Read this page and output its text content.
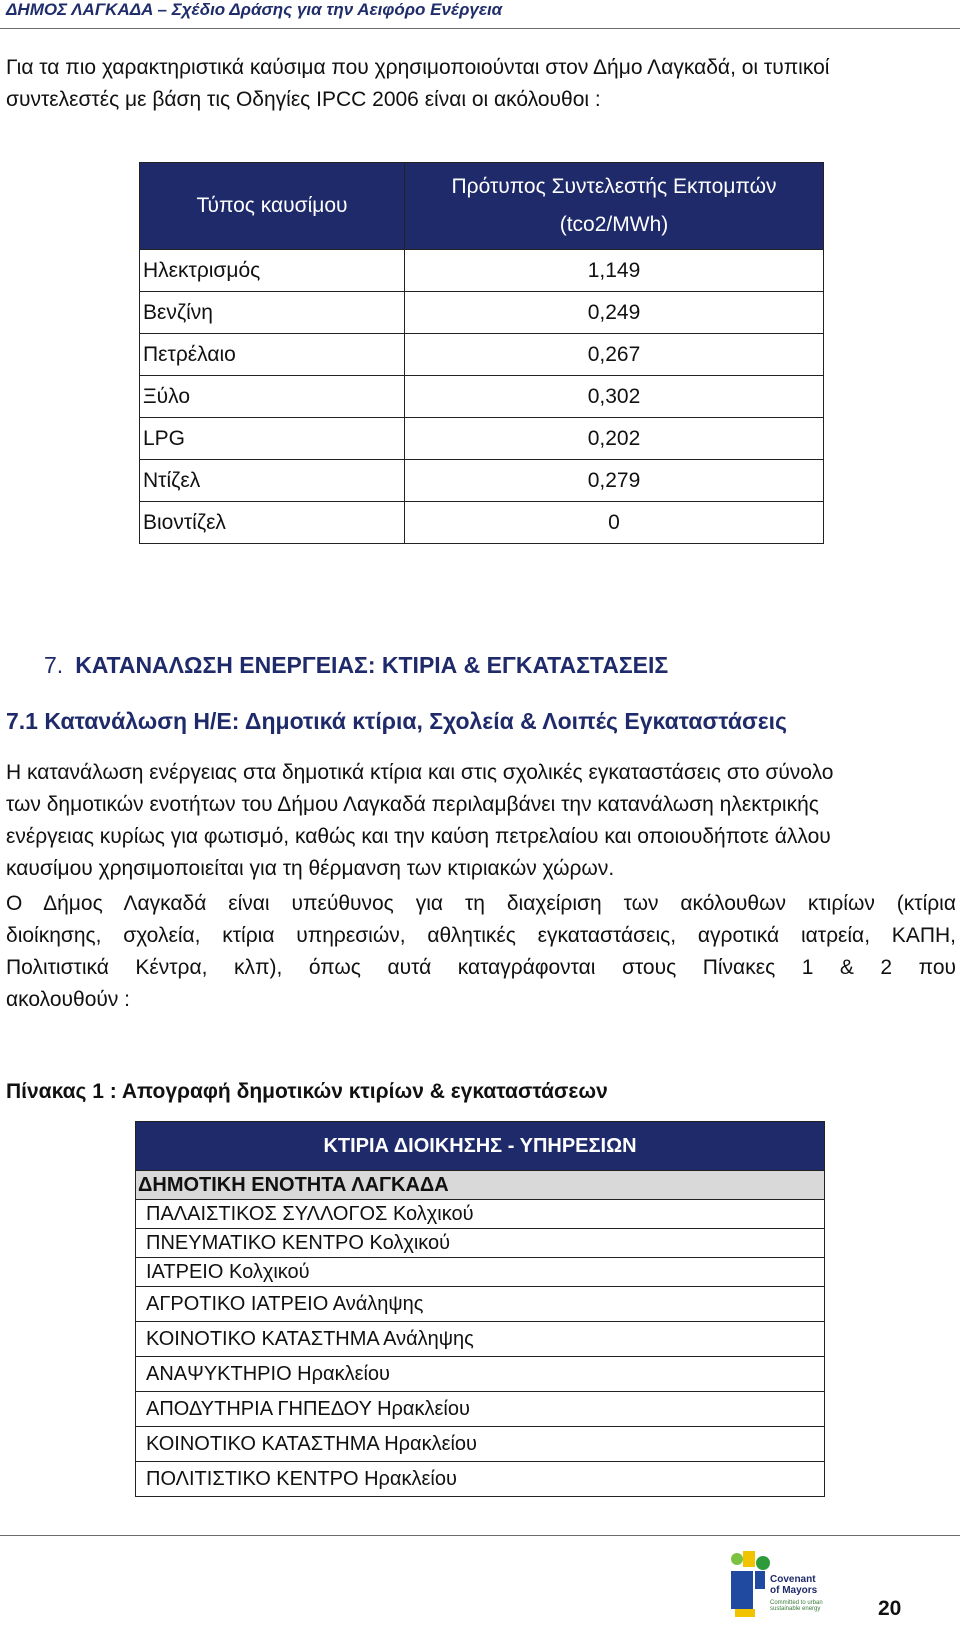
ΔΗΜΟΣ ΛΑΓΚΑΔΑ – Σχέδιο Δράσης για την Αειφόρο Ενέργεια
Για τα πιο χαρακτηριστικά καύσιμα που χρησιμοποιούνται στον Δήμο Λαγκαδά, οι τυπικοί
συντελεστές με βάση τις Οδηγίες IPCC 2006 είναι οι ακόλουθοι :
Τύπος καυσίμου	Πρότυπος Συντελεστής Εκπομπών
(tco2/MWh)

Ηλεκτρισμός	1,149
Βενζίνη	0,249
Πετρέλαιο	0,267
Ξύλο	0,302
LPG	0,202
Ντίζελ	0,279
Βιοντίζελ	0
7. ΚΑΤΑΝΑΛΩΣΗ ΕΝΕΡΓΕΙΑΣ: ΚΤΙΡΙΑ & ΕΓΚΑΤΑΣΤΑΣΕΙΣ
7.1 Κατανάλωση Η/Ε: Δημοτικά κτίρια, Σχολεία & Λοιπές Εγκαταστάσεις
Η κατανάλωση ενέργειας στα δημοτικά κτίρια και στις σχολικές εγκαταστάσεις στο σύνολο
των δημοτικών ενοτήτων του Δήμου Λαγκαδά περιλαμβάνει την κατανάλωση ηλεκτρικής
ενέργειας κυρίως για φωτισμό, καθώς και την καύση πετρελαίου και οποιουδήποτε άλλου
καυσίμου χρησιμοποιείται για τη θέρμανση των κτιριακών χώρων.
Ο Δήμος Λαγκαδά είναι υπεύθυνος για τη διαχείριση των ακόλουθων κτιρίων (κτίρια
διοίκησης, σχολεία, κτίρια υπηρεσιών, αθλητικές εγκαταστάσεις, αγροτικά ιατρεία, ΚΑΠΗ,
Πολιτιστικά Κέντρα, κλπ), όπως αυτά καταγράφονται στους Πίνακες 1 & 2 που
ακολουθούν :
Πίνακας 1 : Απογραφή δημοτικών κτιρίων & εγκαταστάσεων
ΚΤΙΡΙΑ ΔΙΟΙΚΗΣΗΣ - ΥΠΗΡΕΣΙΩΝ
ΔΗΜΟΤΙΚΗ ΕΝΟΤΗΤΑ ΛΑΓΚΑΔΑ
ΠΑΛΑΙΣΤΙΚΟΣ ΣΥΛΛΟΓΟΣ Κολχικού
ΠΝΕΥΜΑΤΙΚΟ ΚΕΝΤΡΟ Κολχικού
ΙΑΤΡΕΙΟ Κολχικού
ΑΓΡΟΤΙΚΟ ΙΑΤΡΕΙΟ Ανάληψης
ΚΟΙΝΟΤΙΚΟ ΚΑΤΑΣΤΗΜΑ Ανάληψης
ΑΝΑΨΥΚΤΗΡΙΟ Ηρακλείου
ΑΠΟΔΥΤΗΡΙΑ ΓΗΠΕΔΟΥ Ηρακλείου
ΚΟΙΝΟΤΙΚΟ ΚΑΤΑΣΤΗΜΑ Ηρακλείου
ΠΟΛΙΤΙΣΤΙΚΟ ΚΕΝΤΡΟ Ηρακλείου
Covenant
of Mayors
Committed to urban sustainable energy	20
